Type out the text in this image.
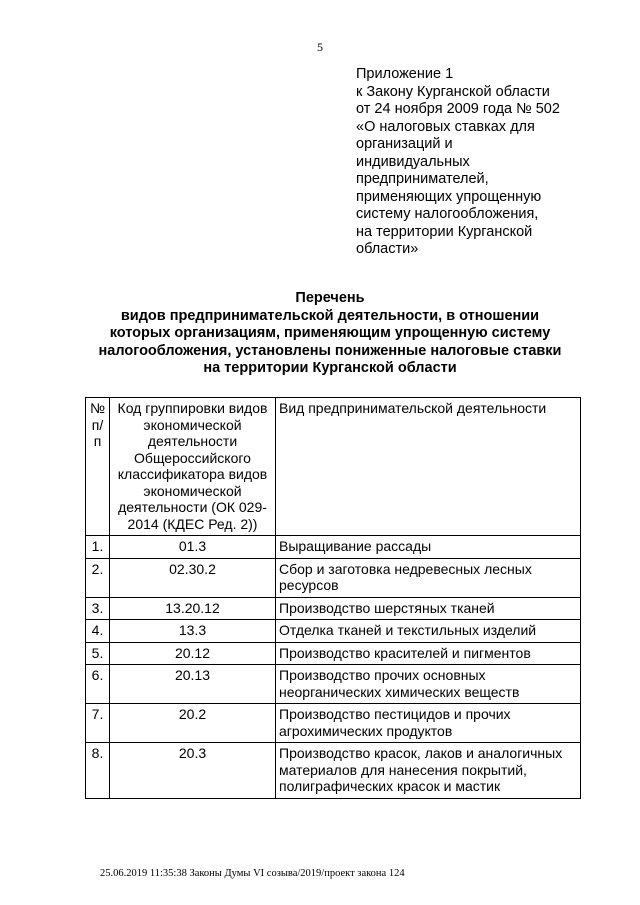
5
Приложение 1
к Закону Курганской области
от 24 ноября 2009 года № 502
«О налоговых ставках для
организаций и
индивидуальных
предпринимателей,
применяющих упрощенную
систему налогообложения,
на территории Курганской
области»
Перечень
видов предпринимательской деятельности, в отношении
которых организациям, применяющим упрощенную систему
налогообложения, установлены пониженные налоговые ставки
на территории Курганской области
№ п/п	Код группировки видов экономической деятельности Общероссийского классификатора видов экономической деятельности (ОК 029-2014 (КДЕС Ред. 2))	Вид предпринимательской деятельности
1.	01.3	Выращивание рассады
2.	02.30.2	Сбор и заготовка недревесных лесных ресурсов
3.	13.20.12	Производство шерстяных тканей
4.	13.3	Отделка тканей и текстильных изделий
5.	20.12	Производство красителей и пигментов
6.	20.13	Производство прочих основных неорганических химических веществ
7.	20.2	Производство пестицидов и прочих агрохимических продуктов
8.	20.3	Производство красок, лаков и аналогичных материалов для нанесения покрытий, полиграфических красок и мастик
25.06.2019 11:35:38 Законы Думы VI созыва/2019/проект закона 124
